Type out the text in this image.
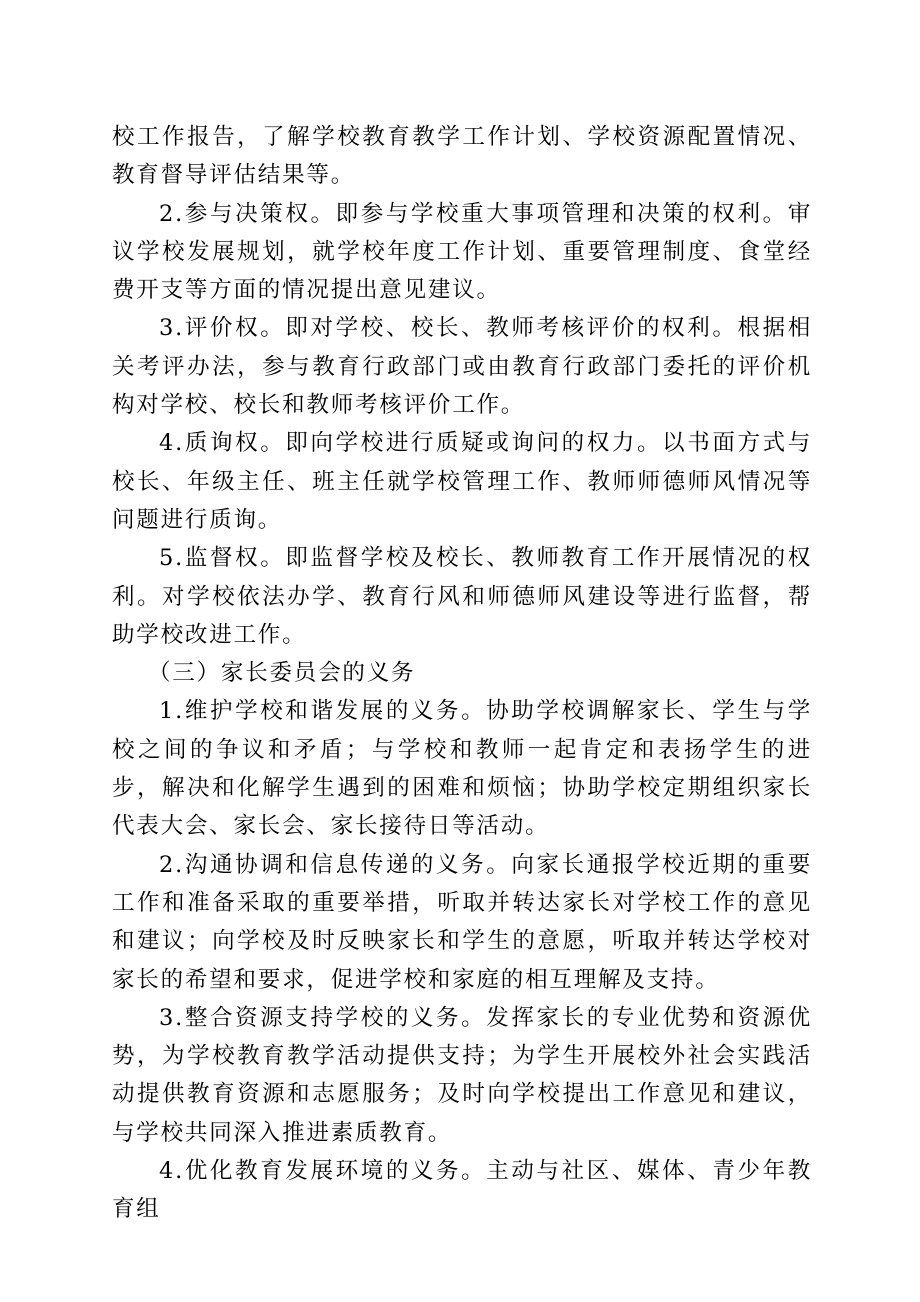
校工作报告，了解学校教育教学工作计划、学校资源配置情况、教育督导评估结果等。

2.参与决策权。即参与学校重大事项管理和决策的权利。审议学校发展规划，就学校年度工作计划、重要管理制度、食堂经费开支等方面的情况提出意见建议。

3.评价权。即对学校、校长、教师考核评价的权利。根据相关考评办法，参与教育行政部门或由教育行政部门委托的评价机构对学校、校长和教师考核评价工作。

4.质询权。即向学校进行质疑或询问的权力。以书面方式与校长、年级主任、班主任就学校管理工作、教师师德师风情况等问题进行质询。

5.监督权。即监督学校及校长、教师教育工作开展情况的权利。对学校依法办学、教育行风和师德师风建设等进行监督，帮助学校改进工作。

（三）家长委员会的义务

1.维护学校和谐发展的义务。协助学校调解家长、学生与学校之间的争议和矛盾；与学校和教师一起肯定和表扬学生的进步，解决和化解学生遇到的困难和烦恼；协助学校定期组织家长代表大会、家长会、家长接待日等活动。

2.沟通协调和信息传递的义务。向家长通报学校近期的重要工作和准备采取的重要举措，听取并转达家长对学校工作的意见和建议；向学校及时反映家长和学生的意愿，听取并转达学校对家长的希望和要求，促进学校和家庭的相互理解及支持。

3.整合资源支持学校的义务。发挥家长的专业优势和资源优势，为学校教育教学活动提供支持；为学生开展校外社会实践活动提供教育资源和志愿服务；及时向学校提出工作意见和建议，与学校共同深入推进素质教育。

4.优化教育发展环境的义务。主动与社区、媒体、青少年教育组
